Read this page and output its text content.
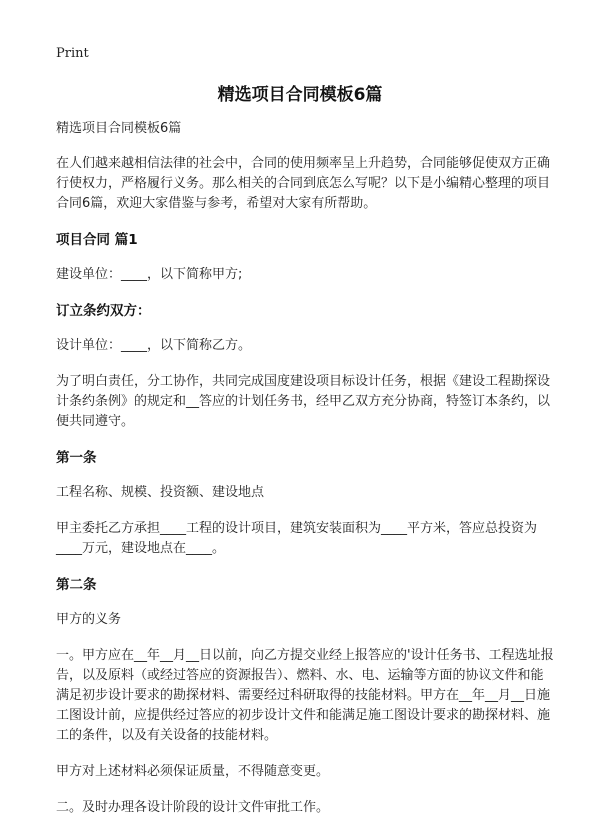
Print
精选项目合同模板6篇

精选项目合同模板6篇

在人们越来越相信法律的社会中，合同的使用频率呈上升趋势，合同能够促使双方正确行使权力，严格履行义务。那么相关的合同到底怎么写呢？以下是小编精心整理的项目合同6篇，欢迎大家借鉴与参考，希望对大家有所帮助。

项目合同 篇1

建设单位：____，以下简称甲方;

订立条约双方：

设计单位：____，以下简称乙方。

为了明白责任，分工协作，共同完成国度建设项目标设计任务，根据《建设工程勘探设计条约条例》的规定和__答应的计划任务书，经甲乙双方充分协商，特签订本条约，以便共同遵守。

第一条

工程名称、规模、投资额、建设地点

甲主委托乙方承担____工程的设计项目，建筑安装面积为____平方米，答应总投资为____万元，建设地点在____。

第二条

甲方的义务

一。甲方应在__年__月__日以前，向乙方提交业经上报答应的'设计任务书、工程选址报告，以及原料（或经过答应的资源报告）、燃料、水、电、运输等方面的协议文件和能满足初步设计要求的勘探材料、需要经过科研取得的技能材料。甲方在__年__月__日施工图设计前，应提供经过答应的初步设计文件和能满足施工图设计要求的勘探材料、施工的条件，以及有关设备的技能材料。

甲方对上述材料必须保证质量，不得随意变更。

二。及时办理各设计阶段的设计文件审批工作。
